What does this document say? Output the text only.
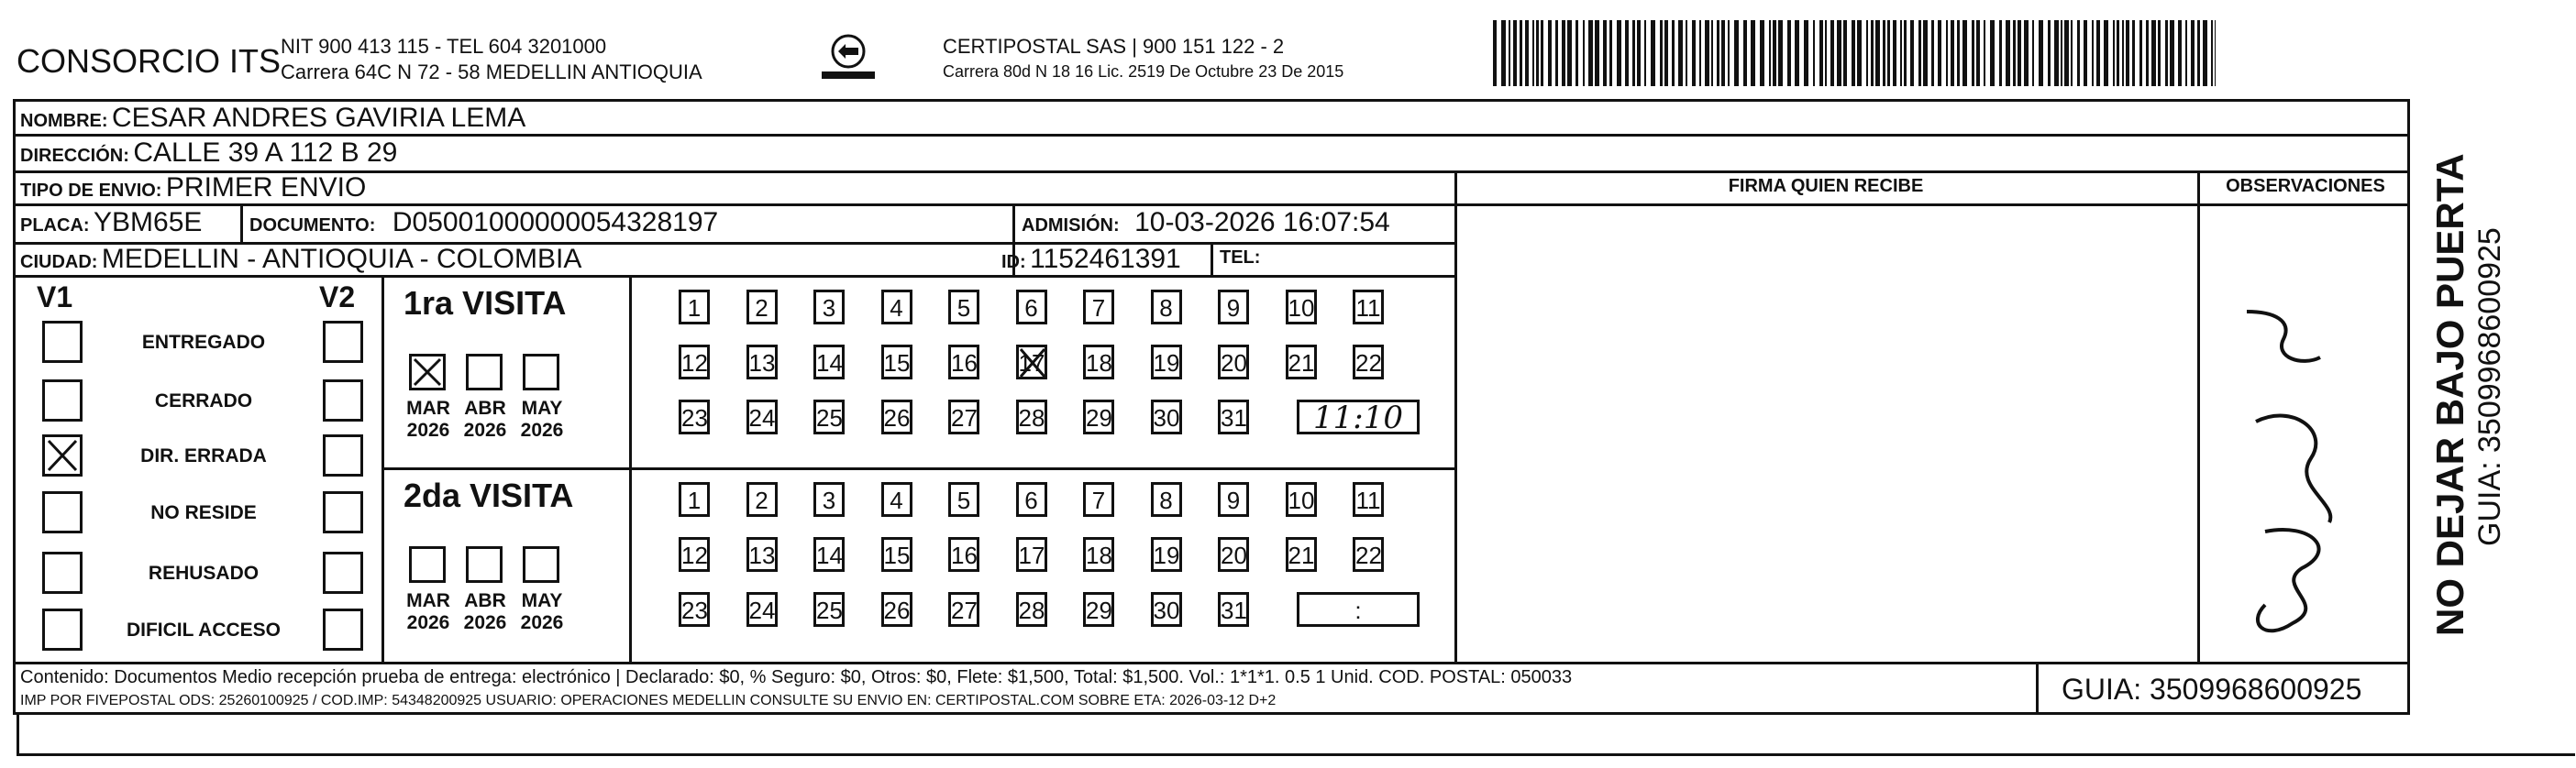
CONSORCIO ITS NIT 900 413 115 - TEL 604 3201000
Carrera 64C N 72 - 58 MEDELLIN ANTIOQUIA
CERTIPOSTAL SAS | 900 151 122 - 2
Carrera 80d N 18 16 Lic. 2519 De Octubre 23 De 2015
NOMBRE: CESAR ANDRES GAVIRIA LEMA
DIRECCIÓN: CALLE 39 A 112 B 29
TIPO DE ENVIO: PRIMER ENVIO
PLACA: YBM65E	DOCUMENTO: D05001000000054328197	ADMISIÓN: 10-03-2026 16:07:54
CIUDAD: MEDELLIN - ANTIOQUIA - COLOMBIA	ID: 1152461391 TEL:
FIRMA QUIEN RECIBE	OBSERVACIONES
V1	V2
ENTREGADO
CERRADO
DIR. ERRADA
NO RESIDE
REHUSADO
DIFICIL ACCESO
1ra VISITA
MAR
2026
ABR
2026
MAY
2026
1	2	3	4	5	6	7	8	9	10 11
12 13 14 15 16 17 18 19 20 21 22
23 24 25 26 27 28 29 30 31	11:10
2da VISITA
MAR
2026
ABR
2026
MAY
2026
1	2	3	4	5	6	7	8	9	10 11
12 13 14 15 16 17 18 19 20 21 22
23 24 25 26 27 28 29 30 31	:
Contenido: Documentos Medio recepción prueba de entrega: electrónico | Declarado: $0, % Seguro: $0, Otros: $0, Flete: $1,500, Total: $1,500. Vol.: 1*1*1. 0.5 1 Unid. COD. POSTAL: 050033
IMP POR FIVEPOSTAL ODS: 25260100925 / COD.IMP: 54348200925 USUARIO: OPERACIONES MEDELLIN CONSULTE SU ENVIO EN: CERTIPOSTAL.COM SOBRE ETA: 2026-03-12 D+2	GUIA: 3509968600925
NO DEJAR BAJO PUERTA GUIA: 3509968600925
